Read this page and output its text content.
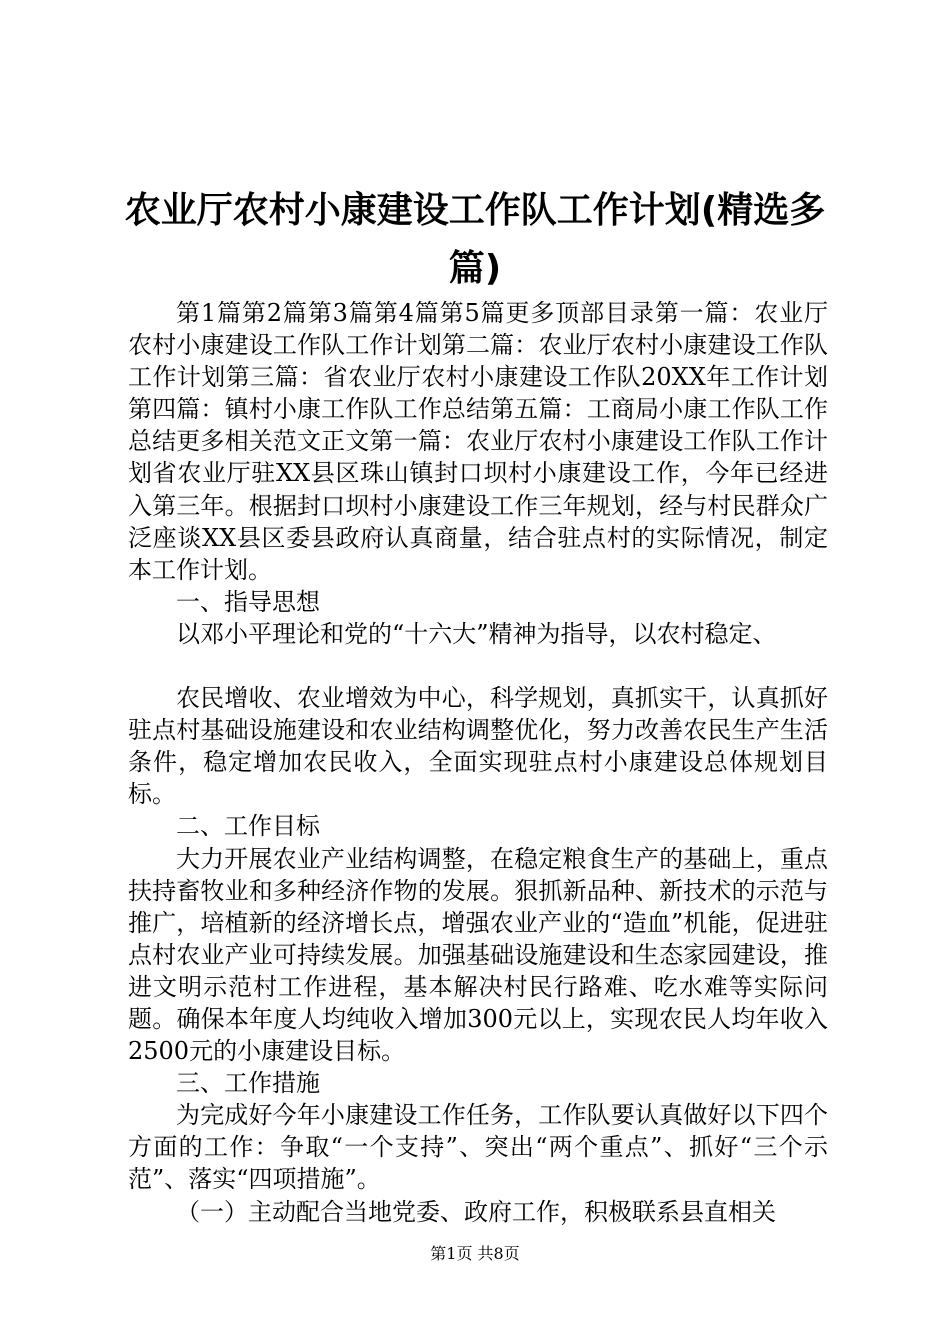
农业厅农村小康建设工作队工作计划(精选多
篇)

第1篇第2篇第3篇第4篇第5篇更多顶部目录第一篇：农业厅农村小康建设工作队工作计划第二篇：农业厅农村小康建设工作队工作计划第三篇：省农业厅农村小康建设工作队20XX年工作计划第四篇：镇村小康工作队工作总结第五篇：工商局小康工作队工作总结更多相关范文正文第一篇：农业厅农村小康建设工作队工作计划省农业厅驻XX县区珠山镇封口坝村小康建设工作，今年已经进入第三年。根据封口坝村小康建设工作三年规划，经与村民群众广泛座谈XX县区委县政府认真商量，结合驻点村的实际情况，制定本工作计划。

一、指导思想

以邓小平理论和党的“十六大”精神为指导，以农村稳定、

农民增收、农业增效为中心，科学规划，真抓实干，认真抓好驻点村基础设施建设和农业结构调整优化，努力改善农民生产生活条件，稳定增加农民收入，全面实现驻点村小康建设总体规划目标。

二、工作目标

大力开展农业产业结构调整，在稳定粮食生产的基础上，重点扶持畜牧业和多种经济作物的发展。狠抓新品种、新技术的示范与推广，培植新的经济增长点，增强农业产业的“造血”机能，促进驻点村农业产业可持续发展。加强基础设施建设和生态家园建设，推进文明示范村工作进程，基本解决村民行路难、吃水难等实际问题。确保本年度人均纯收入增加300元以上，实现农民人均年收入2500元的小康建设目标。

三、工作措施

为完成好今年小康建设工作任务，工作队要认真做好以下四个方面的工作：争取“一个支持”、突出“两个重点”、抓好“三个示范”、落实“四项措施”。

（一）主动配合当地党委、政府工作，积极联系县直相关

第1页 共8页
